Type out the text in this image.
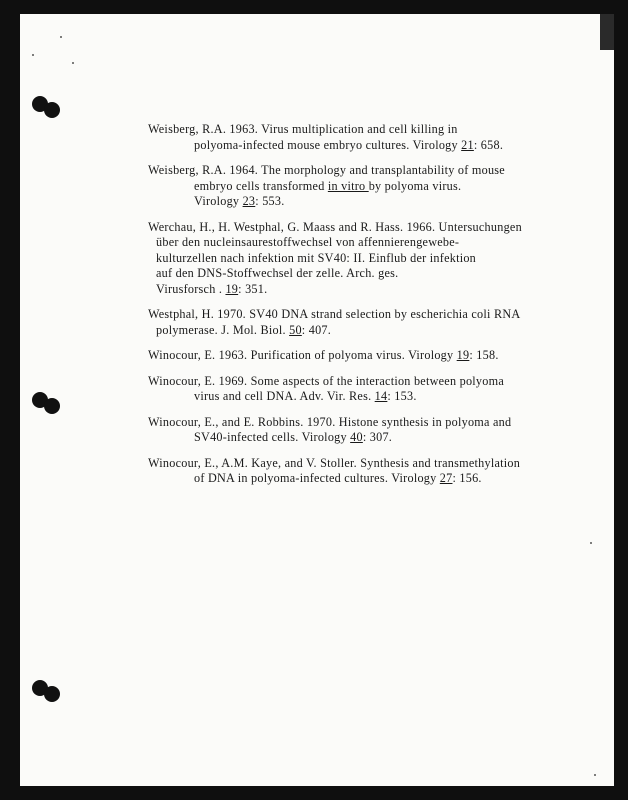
Weisberg, R.A. 1963. Virus multiplication and cell killing in
polyoma-infected mouse embryo cultures. Virology 21: 658.
Weisberg, R.A. 1964. The morphology and transplantability of mouse
embryo cells transformed in vitro by polyoma virus.
Virology 23: 553.
Werchau, H., H. Westphal, G. Maass and R. Hass. 1966. Untersuchungen
über den nucleinsaurestoffwechsel von affennierengewebe-
kulturzellen nach infektion mit SV40: II. Einflub der infektion
auf den DNS-Stoffwechsel der zelle. Arch. ges.
Virusforsch . 19: 351.
Westphal, H. 1970. SV40 DNA strand selection by escherichia coli RNA
polymerase. J. Mol. Biol. 50: 407.
Winocour, E. 1963. Purification of polyoma virus. Virology 19: 158.
Winocour, E. 1969. Some aspects of the interaction between polyoma
virus and cell DNA. Adv. Vir. Res. 14: 153.
Winocour, E., and E. Robbins. 1970. Histone synthesis in polyoma and
SV40-infected cells. Virology 40: 307.
Winocour, E., A.M. Kaye, and V. Stoller. Synthesis and transmethylation
of DNA in polyoma-infected cultures. Virology 27: 156.
